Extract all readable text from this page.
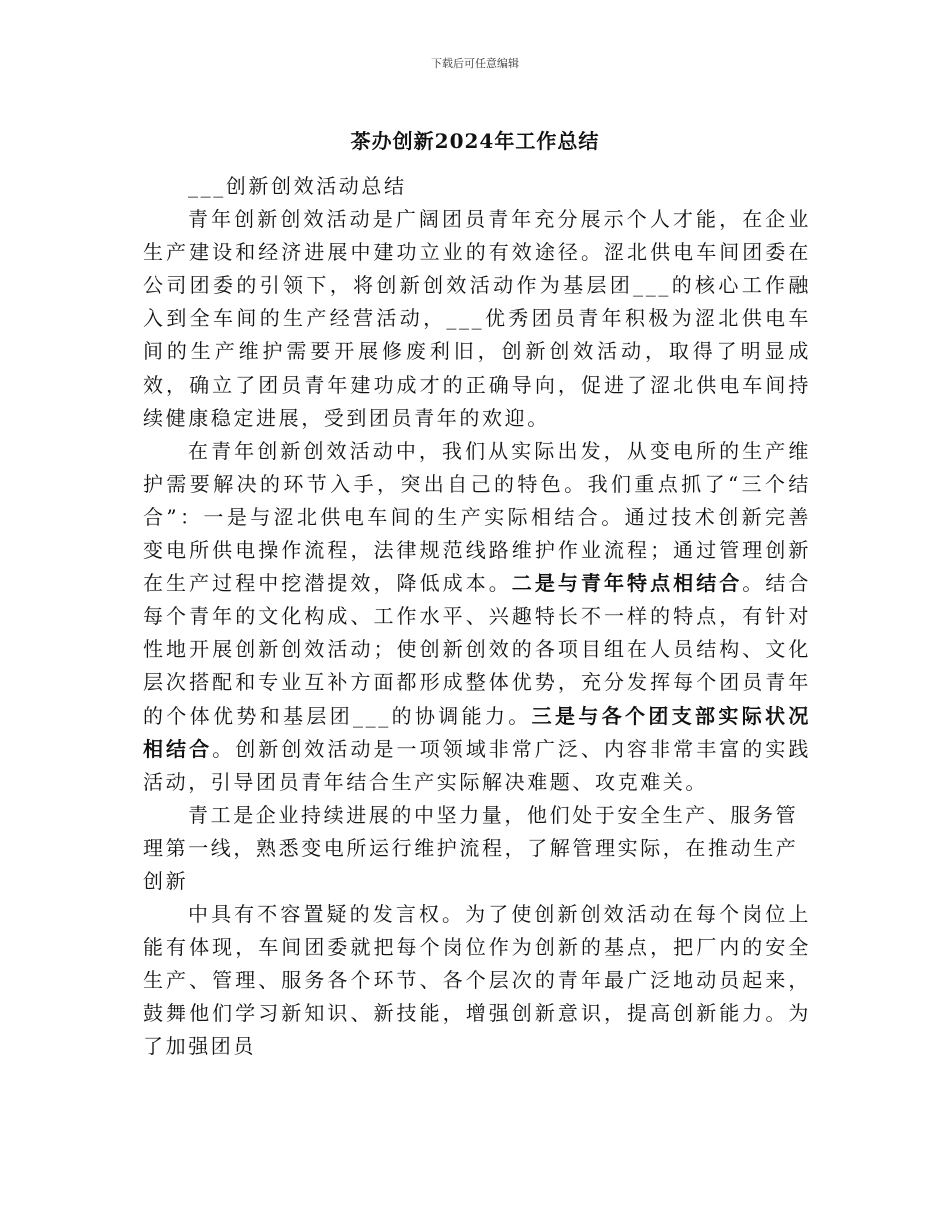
下载后可任意编辑
茶办创新2024年工作总结

___创新创效活动总结

青年创新创效活动是广阔团员青年充分展示个人才能，在企业生产建设和经济进展中建功立业的有效途径。涩北供电车间团委在公司团委的引领下，将创新创效活动作为基层团___的核心工作融入到全车间的生产经营活动，___优秀团员青年积极为涩北供电车间的生产维护需要开展修废利旧，创新创效活动，取得了明显成效，确立了团员青年建功成才的正确导向，促进了涩北供电车间持续健康稳定进展，受到团员青年的欢迎。

在青年创新创效活动中，我们从实际出发，从变电所的生产维护需要解决的环节入手，突出自己的特色。我们重点抓了“三个结合”：一是与涩北供电车间的生产实际相结合。通过技术创新完善变电所供电操作流程，法律规范线路维护作业流程；通过管理创新在生产过程中挖潜提效，降低成本。二是与青年特点相结合。结合每个青年的文化构成、工作水平、兴趣特长不一样的特点，有针对性地开展创新创效活动；使创新创效的各项目组在人员结构、文化层次搭配和专业互补方面都形成整体优势，充分发挥每个团员青年的个体优势和基层团___的协调能力。三是与各个团支部实际状况相结合。创新创效活动是一项领域非常广泛、内容非常丰富的实践活动，引导团员青年结合生产实际解决难题、攻克难关。

青工是企业持续进展的中坚力量，他们处于安全生产、服务管理第一线，熟悉变电所运行维护流程，了解管理实际，在推动生产创新

中具有不容置疑的发言权。为了使创新创效活动在每个岗位上能有体现，车间团委就把每个岗位作为创新的基点，把厂内的安全生产、管理、服务各个环节、各个层次的青年最广泛地动员起来，鼓舞他们学习新知识、新技能，增强创新意识，提高创新能力。为了加强团员
